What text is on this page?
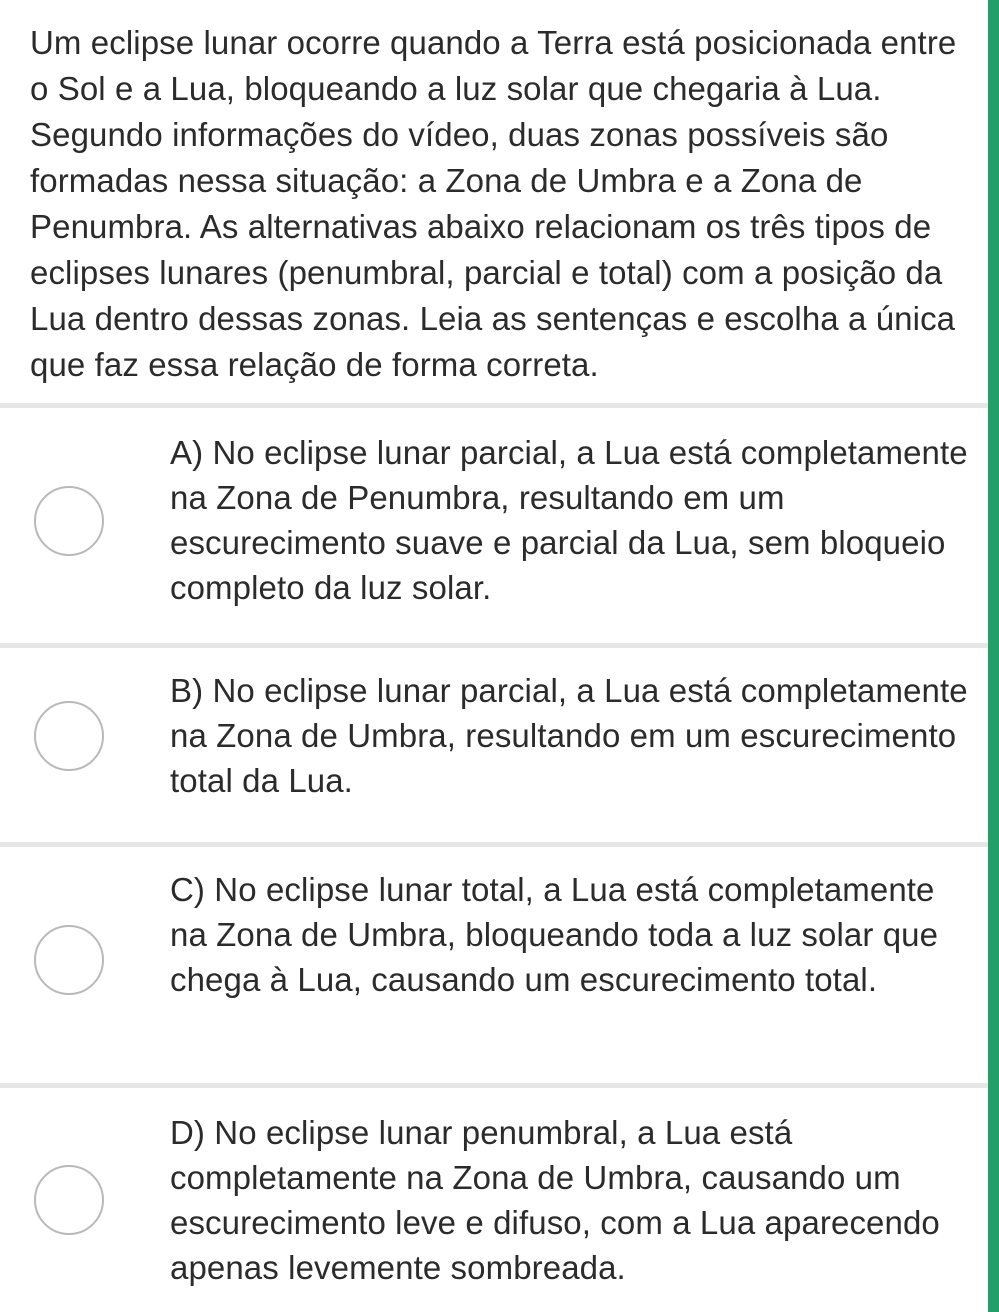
Um eclipse lunar ocorre quando a Terra está posicionada entre o Sol e a Lua, bloqueando a luz solar que chegaria à Lua. Segundo informações do vídeo, duas zonas possíveis são formadas nessa situação: a Zona de Umbra e a Zona de Penumbra. As alternativas abaixo relacionam os três tipos de eclipses lunares (penumbral, parcial e total) com a posição da Lua dentro dessas zonas. Leia as sentenças e escolha a única que faz essa relação de forma correta.

A) No eclipse lunar parcial, a Lua está completamente na Zona de Penumbra, resultando em um escurecimento suave e parcial da Lua, sem bloqueio completo da luz solar.

B) No eclipse lunar parcial, a Lua está completamente na Zona de Umbra, resultando em um escurecimento total da Lua.

C) No eclipse lunar total, a Lua está completamente na Zona de Umbra, bloqueando toda a luz solar que chega à Lua, causando um escurecimento total.

D) No eclipse lunar penumbral, a Lua está completamente na Zona de Umbra, causando um escurecimento leve e difuso, com a Lua aparecendo apenas levemente sombreada.
